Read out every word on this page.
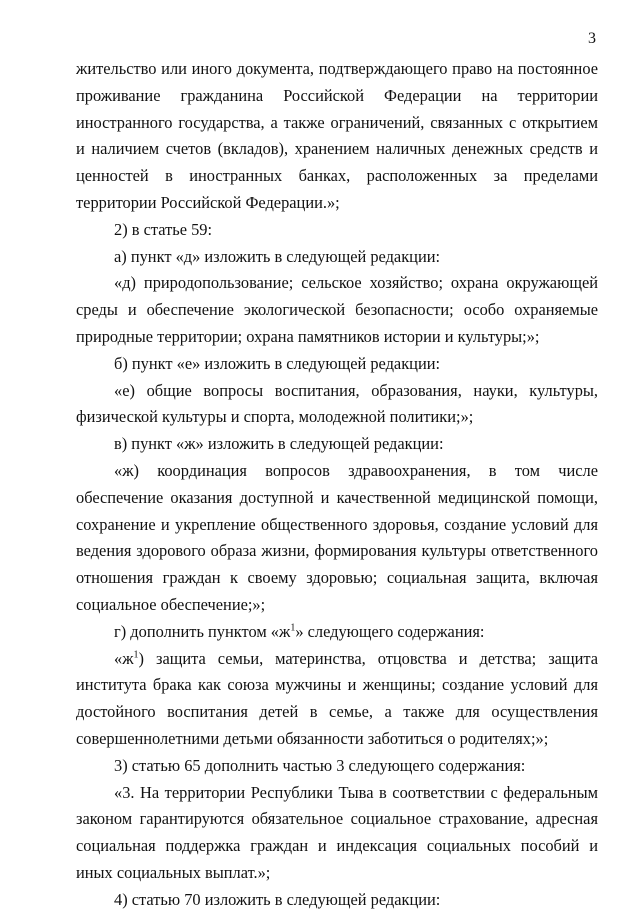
3

жительство или иного документа, подтверждающего право на постоянное проживание гражданина Российской Федерации на территории иностранного государства, а также ограничений, связанных с открытием и наличием счетов (вкладов), хранением наличных денежных средств и ценностей в иностранных банках, расположенных за пределами территории Российской Федерации.»;

2) в статье 59:

а) пункт «д» изложить в следующей редакции:

«д) природопользование; сельское хозяйство; охрана окружающей среды и обеспечение экологической безопасности; особо охраняемые природные территории; охрана памятников истории и культуры;»;

б) пункт «е» изложить в следующей редакции:

«е) общие вопросы воспитания, образования, науки, культуры, физической культуры и спорта, молодежной политики;»;

в) пункт «ж» изложить в следующей редакции:

«ж) координация вопросов здравоохранения, в том числе обеспечение оказания доступной и качественной медицинской помощи, сохранение и укрепление общественного здоровья, создание условий для ведения здорового образа жизни, формирования культуры ответственного отношения граждан к своему здоровью; социальная защита, включая социальное обеспечение;»;

г) дополнить пунктом «$ж^1$» следующего содержания:

«$ж^1$) защита семьи, материнства, отцовства и детства; защита института брака как союза мужчины и женщины; создание условий для достойного воспитания детей в семье, а также для осуществления совершеннолетними детьми обязанности заботиться о родителях;»;

3) статью 65 дополнить частью 3 следующего содержания:

«3. На территории Республики Тыва в соответствии с федеральным законом гарантируются обязательное социальное страхование, адресная социальная поддержка граждан и индексация социальных пособий и иных социальных выплат.»;

4) статью 70 изложить в следующей редакции:
